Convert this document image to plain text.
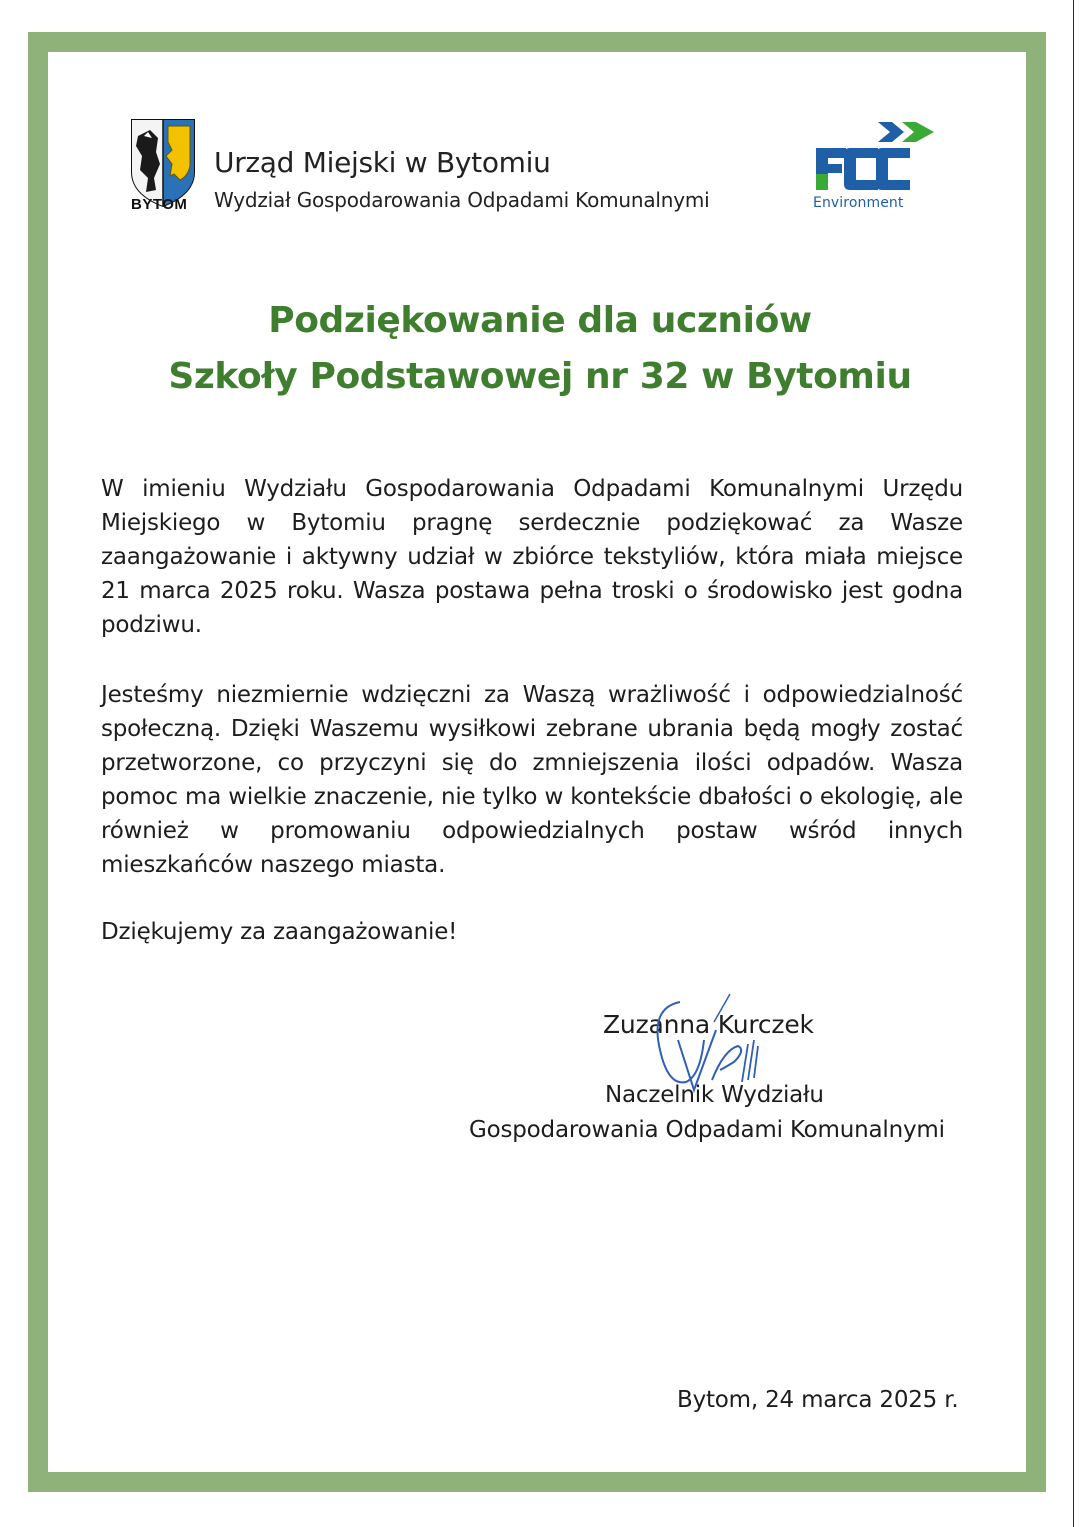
BYTOM
Urząd Miejski w Bytomiu
Wydział Gospodarowania Odpadami Komunalnymi	Environment
Podziękowanie dla uczniów
Szkoły Podstawowej nr 32 w Bytomiu

W imieniu Wydziału Gospodarowania Odpadami Komunalnymi Urzędu Miejskiego w Bytomiu pragnę serdecznie podziękować za Wasze zaangażowanie i aktywny udział w zbiórce tekstyliów, która miała miejsce 21 marca 2025 roku. Wasza postawa pełna troski o środowisko jest godna podziwu.

Jesteśmy niezmiernie wdzięczni za Waszą wrażliwość i odpowiedzialność społeczną. Dzięki Waszemu wysiłkowi zebrane ubrania będą mogły zostać przetworzone, co przyczyni się do zmniejszenia ilości odpadów. Wasza pomoc ma wielkie znaczenie, nie tylko w kontekście dbałości o ekologię, ale również w promowaniu odpowiedzialnych postaw wśród innych mieszkańców naszego miasta.

Dziękujemy za zaangażowanie!

Zuzanna Kurczek
Naczelnik Wydziału
Gospodarowania Odpadami Komunalnymi
Bytom, 24 marca 2025 r.
